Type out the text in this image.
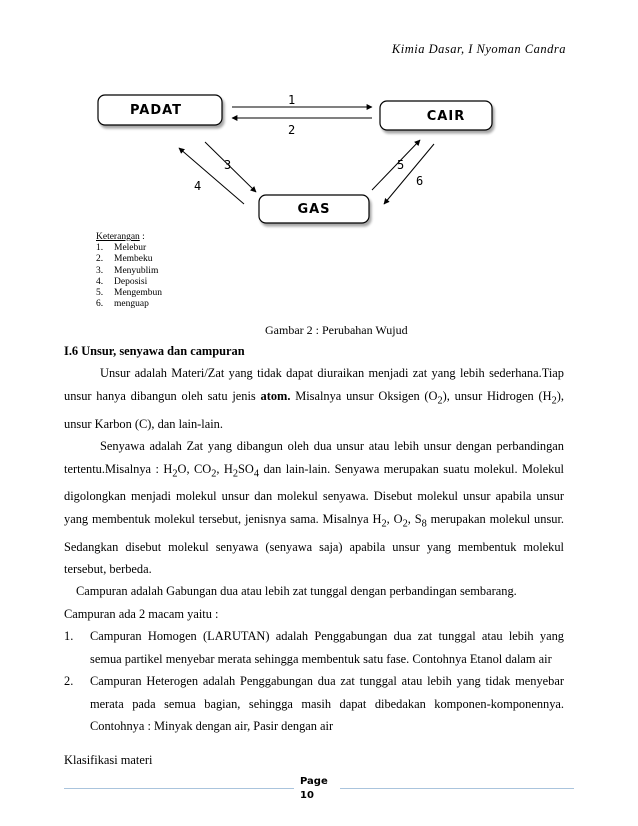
Kimia Dasar, I Nyoman Candra
PADAT	CAIR
GAS
1
2
3
4
5
6
Keterangan :
1. Melebur
2. Membeku
3. Menyublim
4. Deposisi
5. Mengembun
6. menguap
Gambar 2 : Perubahan Wujud

I.6 Unsur, senyawa dan campuran

Unsur adalah Materi/Zat yang tidak dapat diuraikan menjadi zat yang lebih sederhana.Tiap unsur hanya dibangun oleh satu jenis atom. Misalnya unsur Oksigen $(O_2)$, unsur Hidrogen $(H_2)$, unsur Karbon (C), dan lain-lain.

Senyawa adalah Zat yang dibangun oleh dua unsur atau lebih unsur dengan perbandingan tertentu.Misalnya : $H_2O$, $CO_2$, $H_2SO_4$ dan lain-lain. Senyawa merupakan suatu molekul. Molekul digolongkan menjadi molekul unsur dan molekul senyawa. Disebut molekul unsur apabila unsur yang membentuk molekul tersebut, jenisnya sama. Misalnya $H_2$, $O_2$, $S_8$ merupakan molekul unsur. Sedangkan disebut molekul senyawa (senyawa saja) apabila unsur yang membentuk molekul tersebut, berbeda.

Campuran adalah Gabungan dua atau lebih zat tunggal dengan perbandingan sembarang.

Campuran ada 2 macam yaitu :

1. Campuran Homogen (LARUTAN) adalah Penggabungan dua zat tunggal atau lebih yang semua partikel menyebar merata sehingga membentuk satu fase. Contohnya Etanol dalam air
2. Campuran Heterogen adalah Penggabungan dua zat tunggal atau lebih yang tidak menyebar merata pada semua bagian, sehingga masih dapat dibedakan komponen-komponennya. Contohnya : Minyak dengan air, Pasir dengan air

Klasifikasi materi

Page
10
